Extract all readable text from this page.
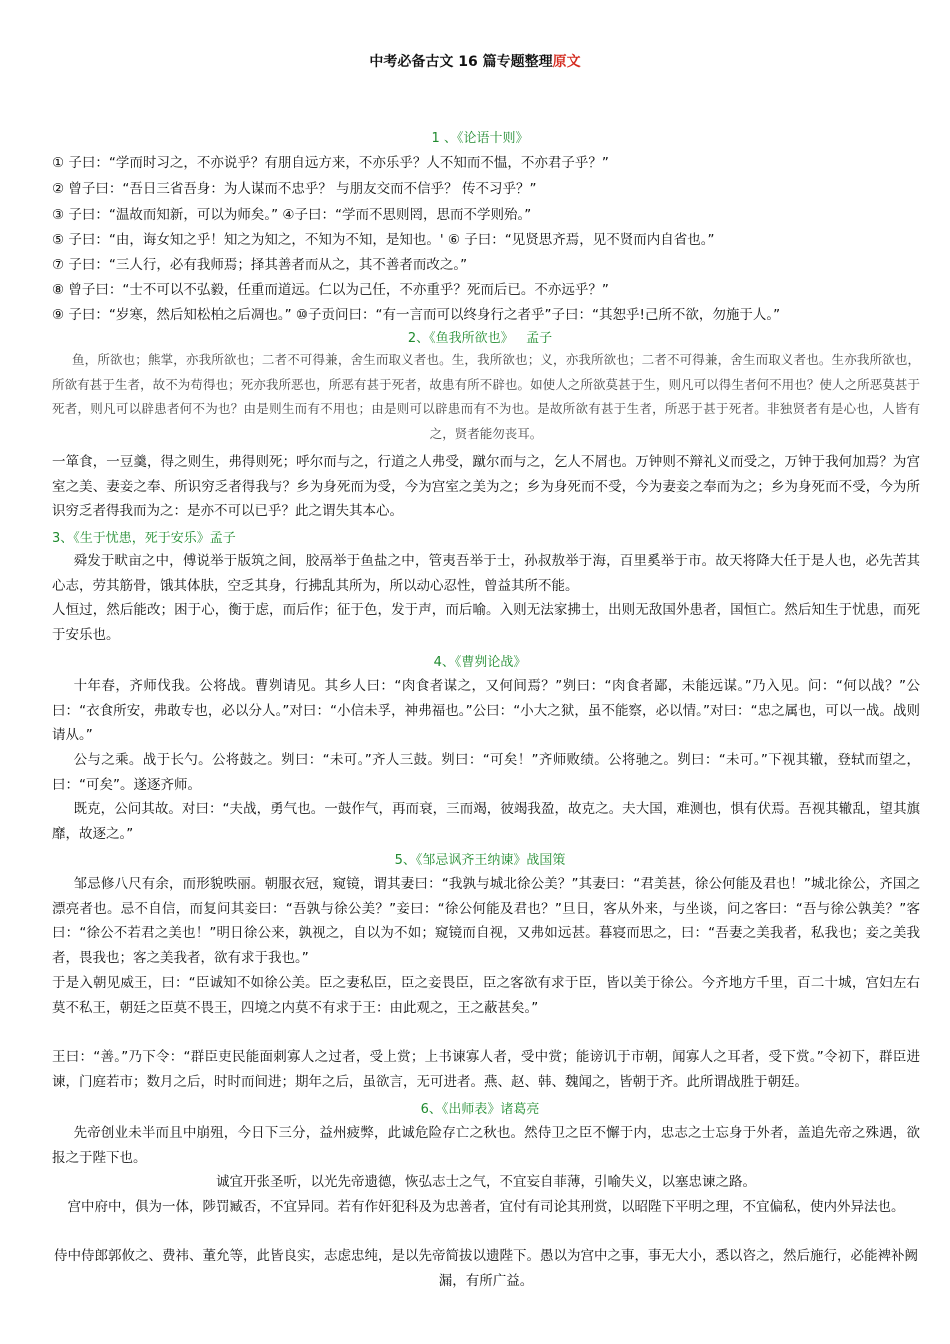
中考必备古文 16 篇专题整理原文
1 、《论语十则》
① 子曰：“学而时习之，不亦说乎？有朋自远方来，不亦乐乎？人不知而不愠，不亦君子乎？”
② 曾子曰：“吾日三省吾身：为人谋而不忠乎？ 与朋友交而不信乎？ 传不习乎？”
③ 子曰：“温故而知新，可以为师矣。” ④子曰：“学而不思则罔，思而不学则殆。”
⑤ 子曰：“由，诲女知之乎！知之为知之，不知为不知，是知也。' ⑥ 子曰：“见贤思齐焉，见不贤而内自省也。”
⑦ 子曰：“三人行，必有我师焉；择其善者而从之，其不善者而改之。”
⑧ 曾子曰：“士不可以不弘毅，任重而道远。仁以为己任，不亦重乎？死而后已。不亦远乎？”
⑨ 子曰：“岁寒，然后知松柏之后凋也。” ⑩子贡问曰：“有一言而可以终身行之者乎”子曰：“其恕乎!己所不欲，勿施于人。”
2、《鱼我所欲也》 孟子
鱼，所欲也；熊掌，亦我所欲也；二者不可得兼，舍生而取义者也。生，我所欲也；义，亦我所欲也；二者不可得兼，舍生而取义者也。生亦我所欲也，所欲有甚于生者，故不为苟得也；死亦我所恶也，所恶有甚于死者，故患有所不辟也。如使人之所欲莫甚于生，则凡可以得生者何不用也？使人之所恶莫甚于死者，则凡可以辟患者何不为也？由是则生而有不用也；由是则可以辟患而有不为也。是故所欲有甚于生者，所恶于甚于死者。非独贤者有是心也，人皆有之，贤者能勿丧耳。
一箪食，一豆羹，得之则生，弗得则死；呼尔而与之，行道之人弗受，蹴尔而与之，乞人不屑也。万钟则不辩礼义而受之，万钟于我何加焉？为宫室之美、妻妾之奉、所识穷乏者得我与？乡为身死而为受，今为宫室之美为之；乡为身死而不受，今为妻妾之奉而为之；乡为身死而不受，今为所识穷乏者得我而为之：是亦不可以已乎？此之谓失其本心。
3、《生于忧患，死于安乐》孟子
舜发于畎亩之中，傅说举于版筑之间，胶鬲举于鱼盐之中，管夷吾举于士，孙叔敖举于海，百里奚举于市。故天将降大任于是人也，必先苦其心志，劳其筋骨，饿其体肤，空乏其身，行拂乱其所为，所以动心忍性，曾益其所不能。
人恒过，然后能改；困于心，衡于虑，而后作；征于色，发于声，而后喻。入则无法家拂士，出则无敌国外患者，国恒亡。然后知生于忧患，而死于安乐也。
4、《曹刿论战》
十年春，齐师伐我。公将战。曹刿请见。其乡人曰：“肉食者谋之，又何间焉？”刿曰：“肉食者鄙，未能远谋。”乃入见。问：“何以战？”公曰：“衣食所安，弗敢专也，必以分人。”对曰：“小信未孚，神弗福也。”公曰：“小大之狱，虽不能察，必以情。”对曰：“忠之属也，可以一战。战则请从。”
公与之乘。战于长勺。公将鼓之。刿曰：“未可。”齐人三鼓。刿曰：“可矣！”齐师败绩。公将驰之。刿曰：“未可。”下视其辙，登轼而望之，曰：“可矣”。遂逐齐师。
既克，公问其故。对曰：“夫战，勇气也。一鼓作气，再而衰，三而竭，彼竭我盈，故克之。夫大国，难测也，惧有伏焉。吾视其辙乱，望其旗靡，故逐之。”
5、《邹忌讽齐王纳谏》战国策
邹忌修八尺有余，而形貌昳丽。朝服衣冠，窥镜，谓其妻曰：“我孰与城北徐公美？”其妻曰：“君美甚，徐公何能及君也！”城北徐公，齐国之漂亮者也。忌不自信，而复问其妾曰：“吾孰与徐公美？”妾曰：“徐公何能及君也？”旦日，客从外来，与坐谈，问之客曰：“吾与徐公孰美？”客曰：“徐公不若君之美也！”明日徐公来，孰视之，自以为不如；窥镜而自视，又弗如远甚。暮寝而思之，曰：“吾妻之美我者，私我也；妾之美我者，畏我也；客之美我者，欲有求于我也。”
于是入朝见威王，曰：“臣诚知不如徐公美。臣之妻私臣，臣之妾畏臣，臣之客欲有求于臣，皆以美于徐公。今齐地方千里，百二十城，宫妇左右莫不私王，朝廷之臣莫不畏王，四境之内莫不有求于王：由此观之，王之蔽甚矣。”
王曰：“善。”乃下令：“群臣吏民能面刺寡人之过者，受上赏；上书谏寡人者，受中赏；能谤讥于市朝，闻寡人之耳者，受下赏。”令初下，群臣进谏，门庭若市；数月之后，时时而间进；期年之后，虽欲言，无可进者。燕、赵、韩、魏闻之，皆朝于齐。此所谓战胜于朝廷。
6、《出师表》诸葛亮
先帝创业未半而且中崩殂，今日下三分，益州疲弊，此诚危险存亡之秋也。然侍卫之臣不懈于内，忠志之士忘身于外者，盖追先帝之殊遇，欲报之于陛下也。
诚宜开张圣听，以光先帝遗德，恢弘志士之气，不宜妄自菲薄，引喻失义，以塞忠谏之路。
宫中府中，俱为一体，陟罚臧否，不宜异同。若有作奸犯科及为忠善者，宜付有司论其刑赏，以昭陛下平明之理，不宜偏私，使内外异法也。
侍中侍郎郭攸之、费祎、董允等，此皆良实，志虑忠纯，是以先帝简拔以遗陛下。愚以为宫中之事，事无大小，悉以咨之，然后施行，必能裨补阙漏，有所广益。
